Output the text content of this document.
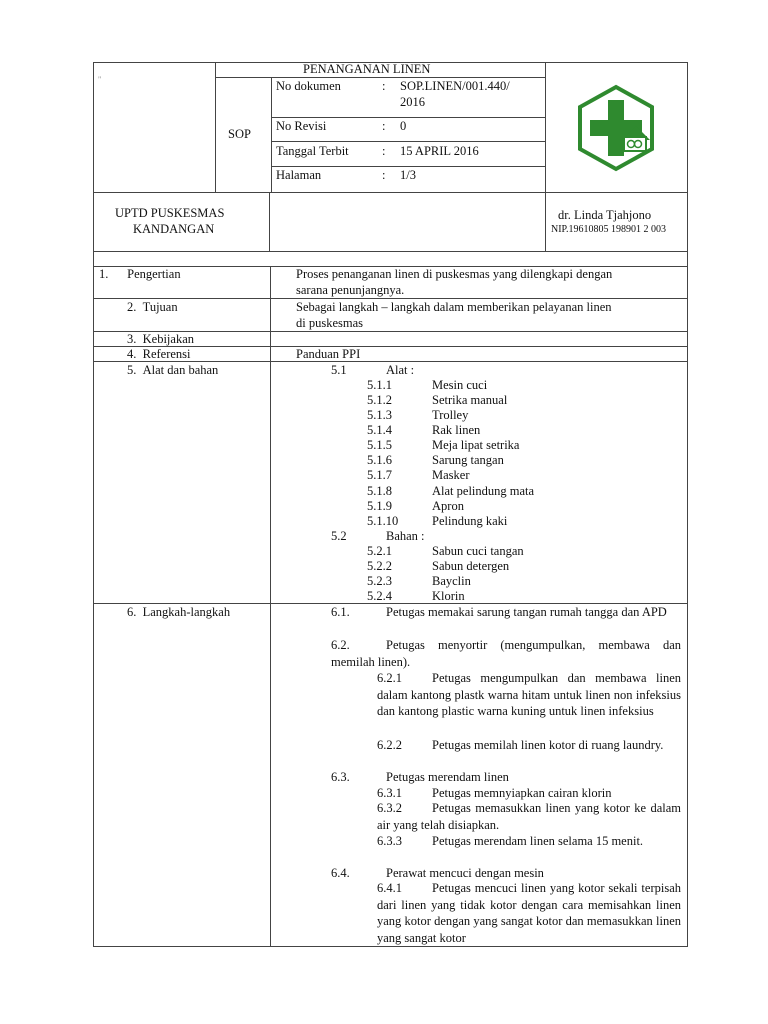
"
SOP
PENANGANAN LINEN
No dokumen	: SOP.LINEN/001.440/
2016
No Revisi	: 0
Tanggal Terbit	: 15 APRIL 2016
Halaman	: 1/3
UPTD PUSKESMAS
KANDANGAN
dr. Linda Tjahjono
NIP.19610805 198901 2 003
1.      Pengertian	Proses penanganan linen di puskesmas yang dilengkapi dengan
sarana penunjangnya.
2.  Tujuan	Sebagai langkah – langkah dalam memberikan pelayanan linen
di puskesmas
3.  Kebijakan
4.  Referensi	Panduan PPI
5.  Alat dan bahan	5.1	Alat :
5.1.1	Mesin cuci
5.1.2	Setrika manual
5.1.3	Trolley
5.1.4	Rak linen
5.1.5	Meja lipat setrika
5.1.6	Sarung tangan
5.1.7	Masker
5.1.8	Alat pelindung mata
5.1.9	Apron
5.1.10	Pelindung kaki
5.2	Bahan :
5.2.1	Sabun cuci tangan
5.2.2	Sabun detergen
5.2.3	Bayclin
5.2.4	Klorin
6.  Langkah-langkah	6.1.	Petugas memakai sarung tangan rumah tangga dan APD
6.2.	Petugas menyortir (mengumpulkan, membawa dan memilah linen).
6.2.1	Petugas mengumpulkan dan membawa linen dalam kantong plastk warna hitam untuk linen non infeksius dan kantong plastic warna kuning untuk linen infeksius
6.2.2	Petugas memilah linen kotor di ruang laundry.
6.3.	Petugas merendam linen
6.3.1 Petugas memnyiapkan cairan klorin
6.3.2	Petugas memasukkan linen yang kotor ke dalam air yang telah disiapkan.
6.3.3	Petugas merendam linen selama 15 menit.
6.4.	Perawat mencuci dengan mesin
6.4.1	Petugas mencuci linen yang kotor sekali terpisah dari linen yang tidak kotor dengan cara memisahkan linen yang kotor dengan yang sangat kotor dan memasukkan linen yang sangat kotor
